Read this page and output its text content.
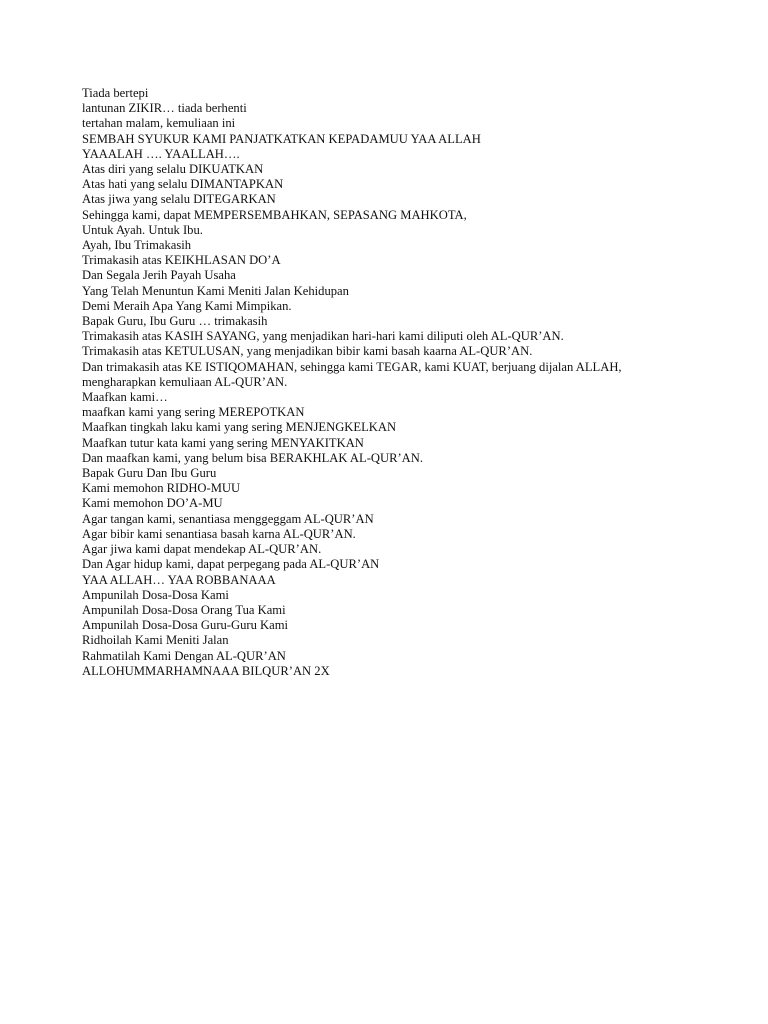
Tiada bertepi
lantunan ZIKIR… tiada berhenti
tertahan malam, kemuliaan ini
SEMBAH SYUKUR KAMI PANJATKATKAN KEPADAMUU YAA ALLAH
YAAALAH …. YAALLAH….
Atas diri yang selalu DIKUATKAN
Atas hati yang selalu DIMANTAPKAN
Atas jiwa yang selalu DITEGARKAN
Sehingga kami, dapat MEMPERSEMBAHKAN, SEPASANG MAHKOTA,
Untuk Ayah. Untuk Ibu.
Ayah, Ibu Trimakasih
Trimakasih atas KEIKHLASAN DO’A
Dan Segala Jerih Payah Usaha
Yang Telah Menuntun Kami Meniti Jalan Kehidupan
Demi Meraih Apa Yang Kami Mimpikan.
Bapak Guru, Ibu Guru … trimakasih
Trimakasih atas KASIH SAYANG, yang menjadikan hari-hari kami diliputi oleh AL-QUR’AN.
Trimakasih atas KETULUSAN, yang menjadikan bibir kami basah kaarna AL-QUR’AN.
Dan trimakasih atas KE ISTIQOMAHAN, sehingga kami TEGAR, kami KUAT, berjuang dijalan ALLAH,
mengharapkan kemuliaan AL-QUR’AN.
Maafkan kami…
maafkan kami yang sering MEREPOTKAN
Maafkan tingkah laku kami yang sering MENJENGKELKAN
Maafkan tutur kata kami yang sering MENYAKITKAN
Dan maafkan kami, yang belum bisa BERAKHLAK AL-QUR’AN.
Bapak Guru Dan Ibu Guru
Kami memohon RIDHO-MUU
Kami memohon DO’A-MU
Agar tangan kami, senantiasa menggeggam AL-QUR’AN
Agar bibir kami senantiasa basah karna AL-QUR’AN.
Agar jiwa kami dapat mendekap AL-QUR’AN.
Dan Agar hidup kami, dapat perpegang pada AL-QUR’AN
YAA ALLAH… YAA ROBBANAAA
Ampunilah Dosa-Dosa Kami
Ampunilah Dosa-Dosa Orang Tua Kami
Ampunilah Dosa-Dosa Guru-Guru Kami
Ridhoilah Kami Meniti Jalan
Rahmatilah Kami Dengan AL-QUR’AN
ALLOHUMMARHAMNAAA BILQUR’AN 2X
